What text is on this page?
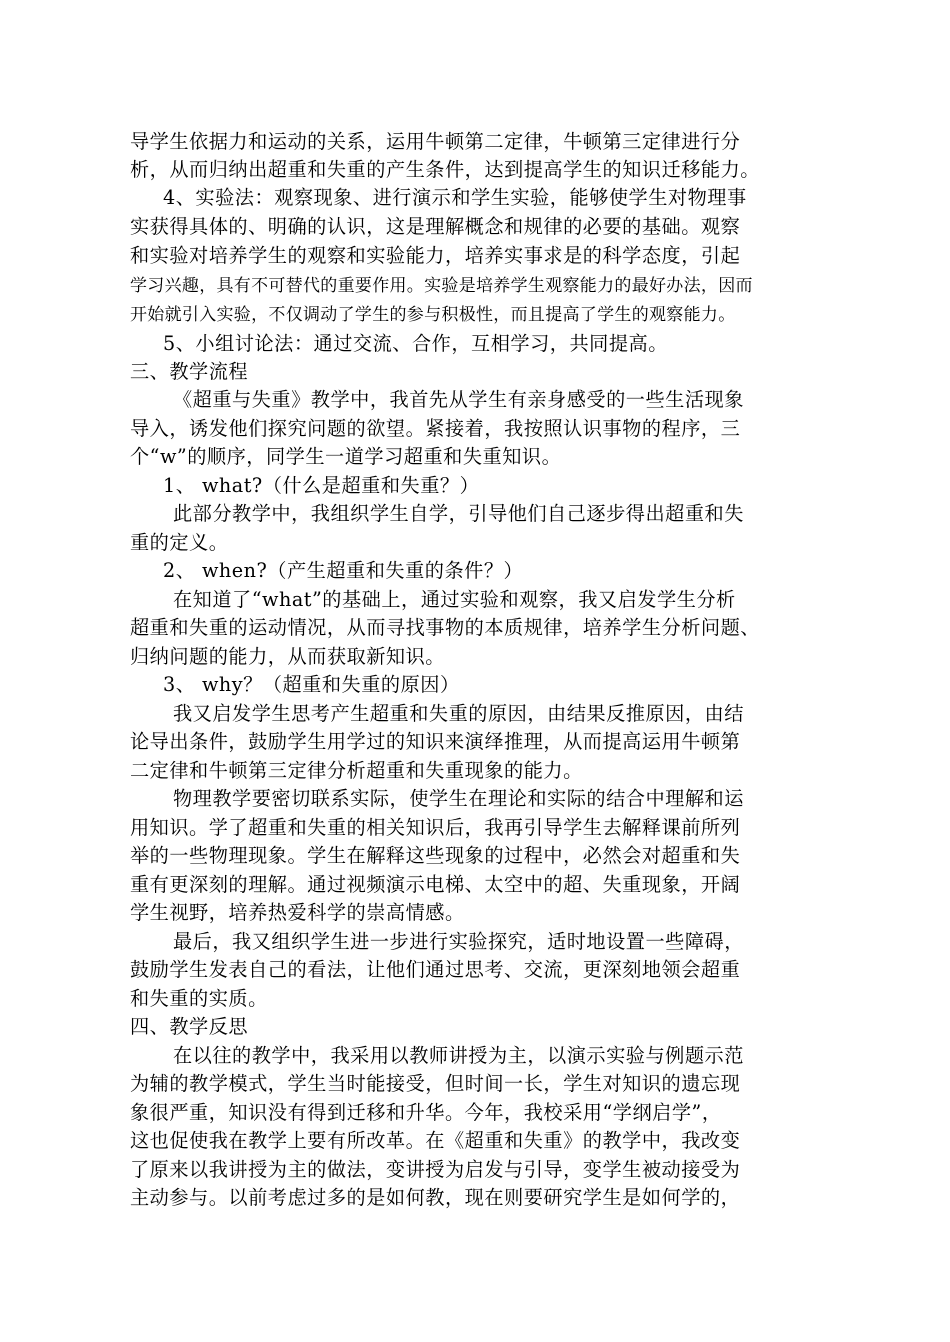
导学生依据力和运动的关系，运用牛顿第二定律，牛顿第三定律进行分
析，从而归纳出超重和失重的产生条件，达到提高学生的知识迁移能力。
4、实验法：观察现象、进行演示和学生实验，能够使学生对物理事
实获得具体的、明确的认识，这是理解概念和规律的必要的基础。观察
和实验对培养学生的观察和实验能力，培养实事求是的科学态度，引起
学习兴趣，具有不可替代的重要作用。实验是培养学生观察能力的最好办法，因而
开始就引入实验，不仅调动了学生的参与积极性，而且提高了学生的观察能力。
5、小组讨论法：通过交流、合作，互相学习，共同提高。
三、教学流程
《超重与失重》教学中，我首先从学生有亲身感受的一些生活现象
导入，诱发他们探究问题的欲望。紧接着，我按照认识事物的程序，三
个“w”的顺序，同学生一道学习超重和失重知识。
1、 what?（什么是超重和失重？）
此部分教学中，我组织学生自学，引导他们自己逐步得出超重和失
重的定义。
2、 when?（产生超重和失重的条件？）
在知道了“what”的基础上，通过实验和观察，我又启发学生分析
超重和失重的运动情况，从而寻找事物的本质规律，培养学生分析问题、
归纳问题的能力，从而获取新知识。
3、 why？（超重和失重的原因）
我又启发学生思考产生超重和失重的原因，由结果反推原因，由结
论导出条件，鼓励学生用学过的知识来演绎推理，从而提高运用牛顿第
二定律和牛顿第三定律分析超重和失重现象的能力。
物理教学要密切联系实际，使学生在理论和实际的结合中理解和运
用知识。学了超重和失重的相关知识后，我再引导学生去解释课前所列
举的一些物理现象。学生在解释这些现象的过程中，必然会对超重和失
重有更深刻的理解。通过视频演示电梯、太空中的超、失重现象，开阔
学生视野，培养热爱科学的崇高情感。
最后，我又组织学生进一步进行实验探究，适时地设置一些障碍，
鼓励学生发表自己的看法，让他们通过思考、交流，更深刻地领会超重
和失重的实质。
四、教学反思
在以往的教学中，我采用以教师讲授为主，以演示实验与例题示范
为辅的教学模式，学生当时能接受，但时间一长，学生对知识的遗忘现
象很严重，知识没有得到迁移和升华。今年，我校采用“学纲启学”，
这也促使我在教学上要有所改革。在《超重和失重》的教学中，我改变
了原来以我讲授为主的做法，变讲授为启发与引导，变学生被动接受为
主动参与。以前考虑过多的是如何教，现在则要研究学生是如何学的，
